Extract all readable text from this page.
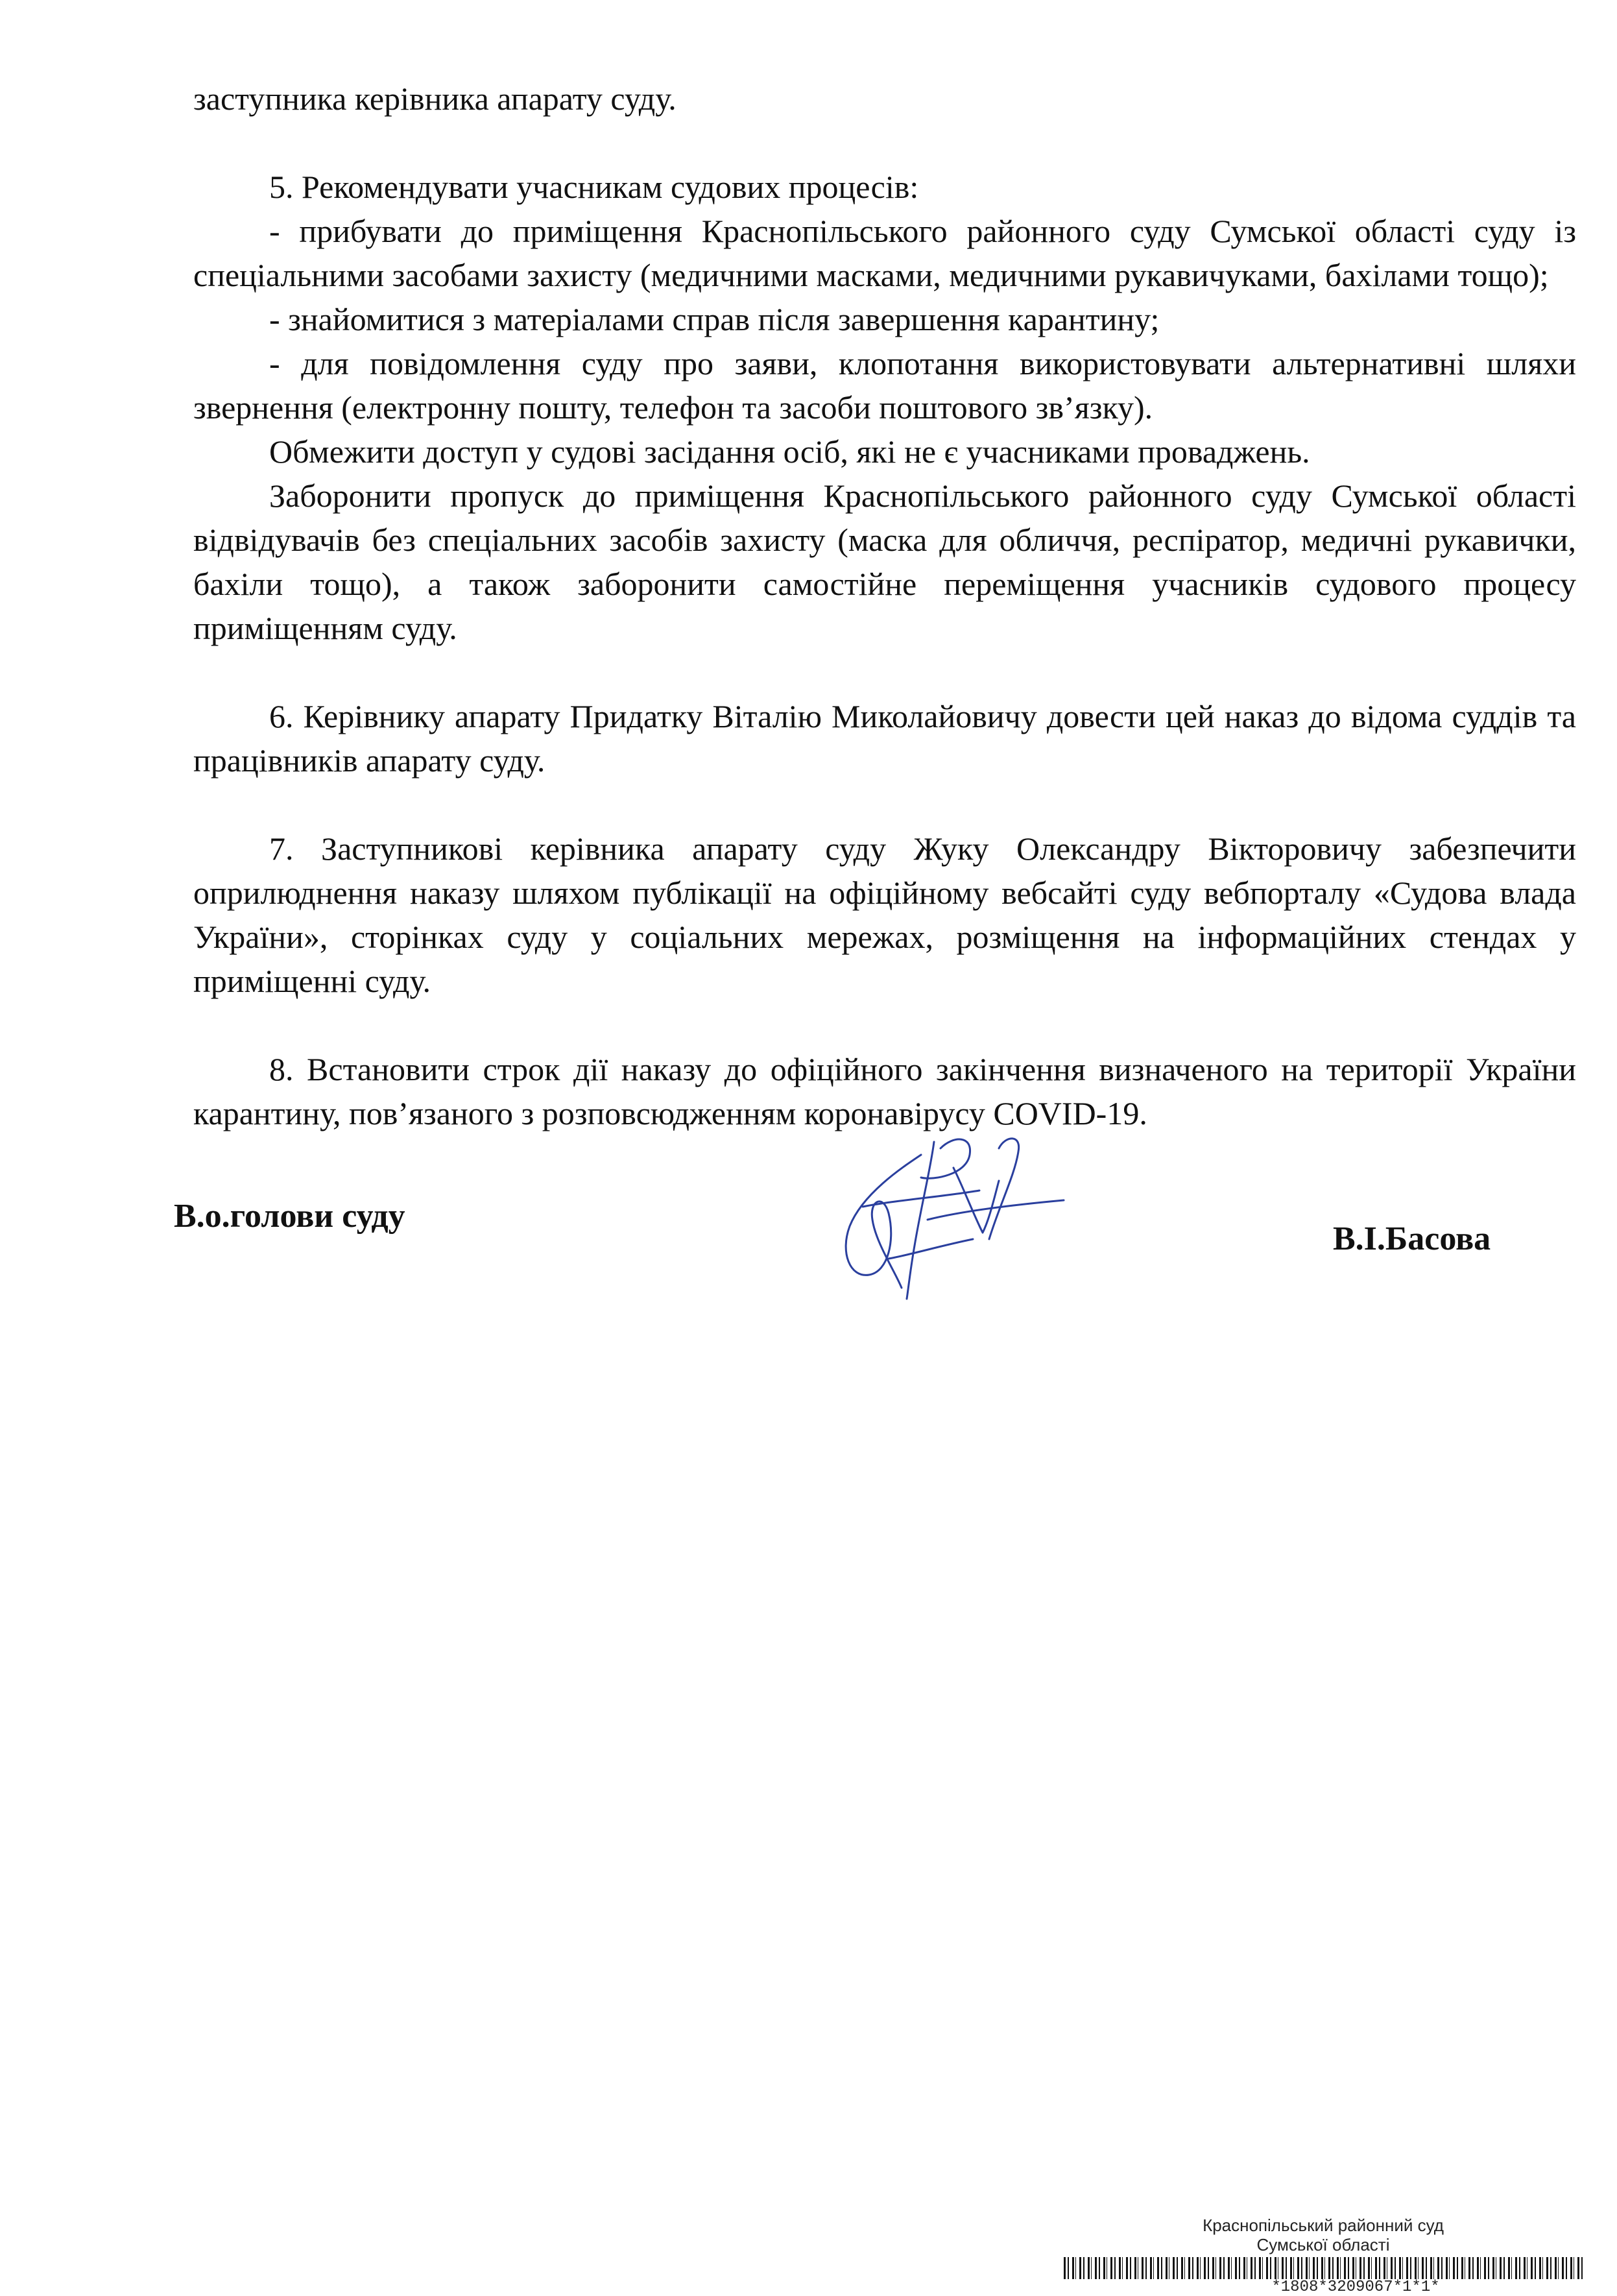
заступника керівника апарату суду.

5. Рекомендувати учасникам судових процесів:

- прибувати до приміщення Краснопільського районного суду Сумської області суду із спеціальними засобами захисту (медичними масками, медичними рукавичуками, бахілами тощо);

- знайомитися з матеріалами справ після завершення карантину;

- для повідомлення суду про заяви, клопотання використовувати альтернативні шляхи звернення (електронну пошту, телефон та засоби поштового зв’язку).

Обмежити доступ у судові засідання осіб, які не є учасниками проваджень.

Заборонити пропуск до приміщення Краснопільського районного суду Сумської області відвідувачів без спеціальних засобів захисту (маска для обличчя, респіратор, медичні рукавички, бахіли тощо), а також заборонити самостійне переміщення учасників судового процесу приміщенням суду.

6. Керівнику апарату Придатку Віталію Миколайовичу довести цей наказ до відома суддів та працівників апарату суду.

7. Заступникові керівника апарату суду Жуку Олександру Вікторовичу забезпечити оприлюднення наказу шляхом публікації на офіційному вебсайті суду вебпорталу «Судова влада України», сторінках суду у соціальних мережах, розміщення на інформаційних стендах у приміщенні суду.

8. Встановити строк дії наказу до офіційного закінчення визначеного на території України карантину, пов’язаного з розповсюдженням коронавірусу COVID-19.

В.о.голови суду
В.І.Басова
Краснопільський районний суд
Сумської області
*1808*3209067*1*1*
